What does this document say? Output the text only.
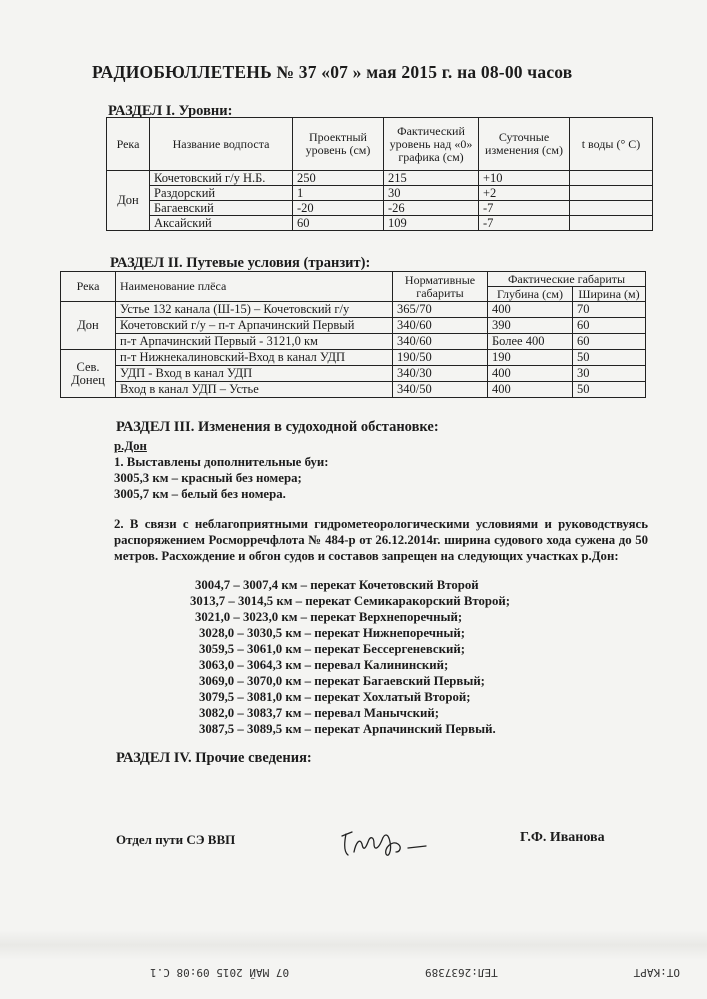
РАДИОБЮЛЛЕТЕНЬ № 37 «07 » мая 2015 г. на 08-00 часов
РАЗДЕЛ I. Уровни:
Река	Название водпоста	Проектный уровень (см)	Фактический уровень над «0» графика (см)	Суточные изменения (см)	t воды (° С)
Дон	Кочетовский г/у Н.Б.	250	215	+10	
	Раздорский	1	30	+2	
	Багаевский	-20	-26	-7	
	Аксайский	60	109	-7	
РАЗДЕЛ II. Путевые условия (транзит):
Река	Наименование плёса	Нормативные габариты	Фактические габариты	
			Глубина (см)	Ширина (м)
Дон	Устье 132 канала (Ш-15) – Кочетовский г/у	365/70	400	70
	Кочетовский г/у – п-т Арпачинский Первый	340/60	390	60
	п-т Арпачинский Первый - 3121,0 км	340/60	Более 400	60
Сев. Донец	п-т Нижнекалиновский-Вход в канал УДП	190/50	190	50
	УДП - Вход в канал УДП	340/30	400	30
	Вход в канал УДП – Устье	340/50	400	50
РАЗДЕЛ III. Изменения в судоходной обстановке:
р.Дон
1. Выставлены дополнительные буи:
3005,3 км – красный без номера;
3005,7 км – белый без номера.
2. В связи с неблагоприятными гидрометеорологическими условиями и руководствуясь распоряжением Росморречфлота № 484-р от 26.12.2014г. ширина судового хода сужена до 50 метров. Расхождение и обгон судов и составов запрещен на следующих участках р.Дон:
3004,7 – 3007,4 км – перекат Кочетовский Второй
3013,7 – 3014,5 км – перекат Семикаракорский Второй;
3021,0 – 3023,0 км – перекат Верхнепоречный;
3028,0 – 3030,5 км – перекат Нижнепоречный;
3059,5 – 3061,0 км – перекат Бессергеневский;
3063,0 – 3064,3 км – перевал Калининский;
3069,0 – 3070,0 км – перекат Багаевский Первый;
3079,5 – 3081,0 км – перекат Хохлатый Второй;
3082,0 – 3083,7 км – перевал Манычский;
3087,5 – 3089,5 км – перекат Арпачинский Первый.
РАЗДЕЛ IV. Прочие сведения:
Отдел пути СЭ ВВП	Г.Ф. Иванова
ОТ:КАРТ
ТЕЛ:2637389
07 МАЙ 2015 09:08 С.1
